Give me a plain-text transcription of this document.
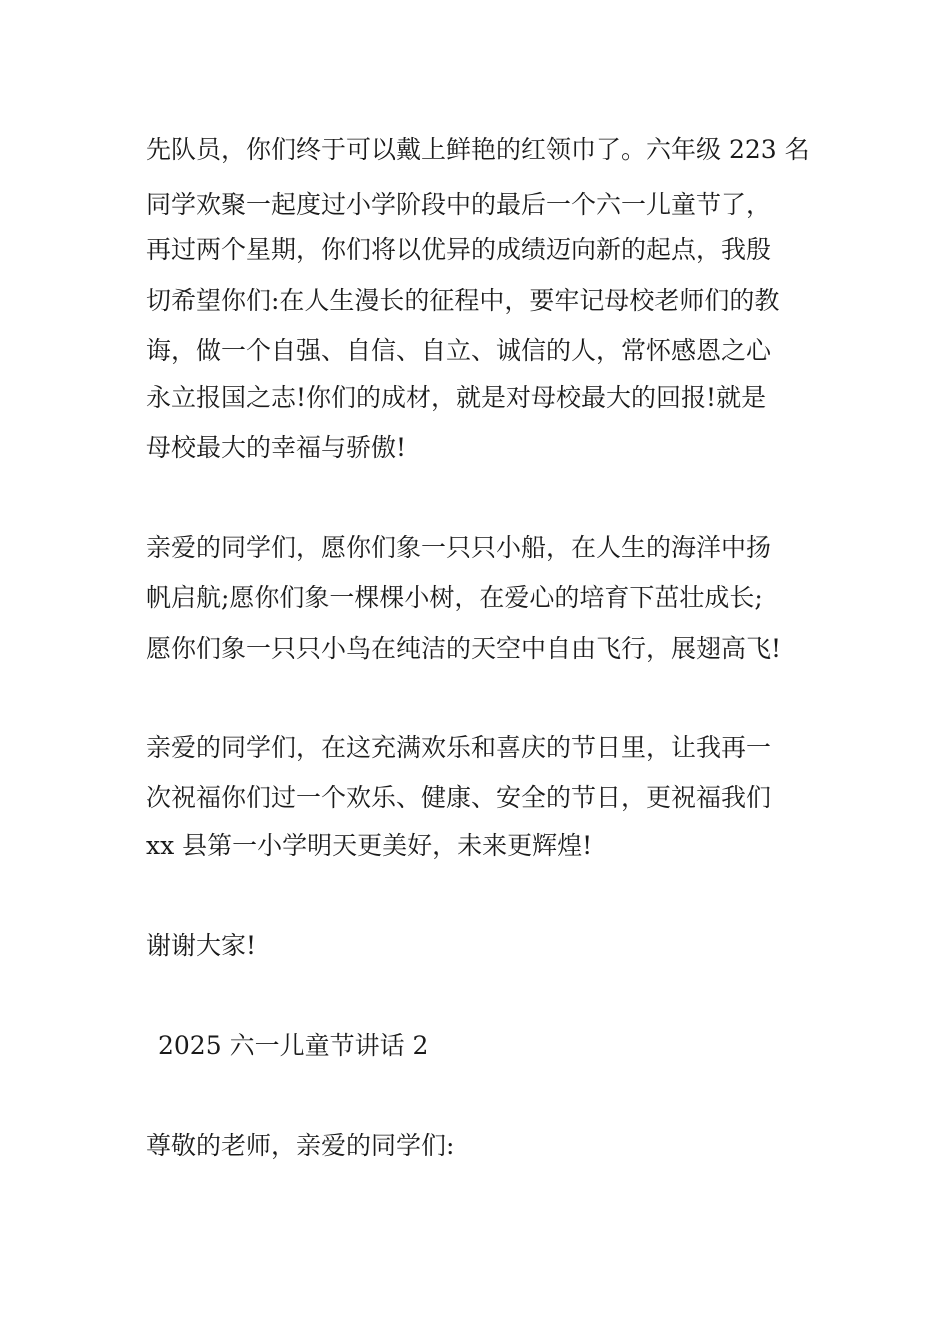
先队员，你们终于可以戴上鲜艳的红领巾了。六年级 223 名
同学欢聚一起度过小学阶段中的最后一个六一儿童节了，
再过两个星期，你们将以优异的成绩迈向新的起点，我殷
切希望你们:在人生漫长的征程中，要牢记母校老师们的教
诲，做一个自强、自信、自立、诚信的人，常怀感恩之心
永立报国之志!你们的成材，就是对母校最大的回报!就是
母校最大的幸福与骄傲!
亲爱的同学们，愿你们象一只只小船，在人生的海洋中扬
帆启航;愿你们象一棵棵小树，在爱心的培育下茁壮成长;
愿你们象一只只小鸟在纯洁的天空中自由飞行，展翅高飞!
亲爱的同学们，在这充满欢乐和喜庆的节日里，让我再一
次祝福你们过一个欢乐、健康、安全的节日，更祝福我们
xx 县第一小学明天更美好，未来更辉煌!
谢谢大家!
2025 六一儿童节讲话 2
尊敬的老师，亲爱的同学们:
